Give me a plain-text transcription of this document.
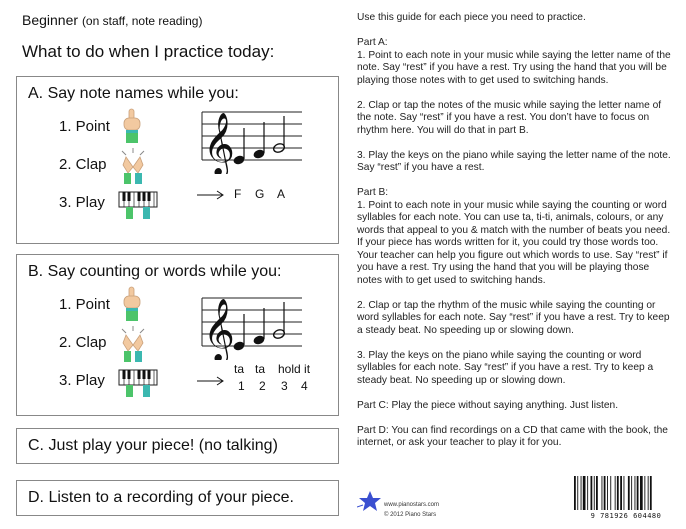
Beginner (on staff, note reading)
What to do when I practice today:
A. Say note names while you:
1. Point
2. Clap
3. Play
𝄞
F G A
B. Say counting or words while you:
1. Point
2. Clap
3. Play
𝄞
ta ta hold it
1 2 3 4
C. Just play your piece! (no talking)
D. Listen to a recording of your piece.

Use this guide for each piece you need to practice.

Part A:
1. Point to each note in your music while saying the letter name of the note. Say “rest” if you have a rest. Try using the hand that you will be playing those notes with to get used to switching hands.

2. Clap or tap the notes of the music while saying the letter name of the note. Say “rest” if you have a rest. You don’t have to focus on rhythm here. You will do that in part B.

3. Play the keys on the piano while saying the letter name of the note. Say “rest” if you have a rest.

Part B:
1. Point to each note in your music while saying the counting or word syllables for each note. You can use ta, ti-ti, animals, colours, or any words that appeal to you & match with the number of beats you need. If your piece has words written for it, you could try those words too. Your teacher can help you figure out which words to use. Say “rest” if you have a rest. Try using the hand that you will be playing those notes with to get used to switching hands.

2. Clap or tap the rhythm of the music while saying the counting or word syllables for each note. Say “rest” if you have a rest. Try to keep a steady beat. No speeding up or slowing down.

3. Play the keys on the piano while saying the counting or word syllables for each note. Say “rest” if you have a rest. Try to keep a steady beat. No speeding up or slowing down.

Part C: Play the piece without saying anything. Just listen.

Part D: You can find recordings on a CD that came with the book, the internet, or ask your teacher to play it for you.

www.pianostars.com
© 2012 Piano Stars	9 781926 604480
